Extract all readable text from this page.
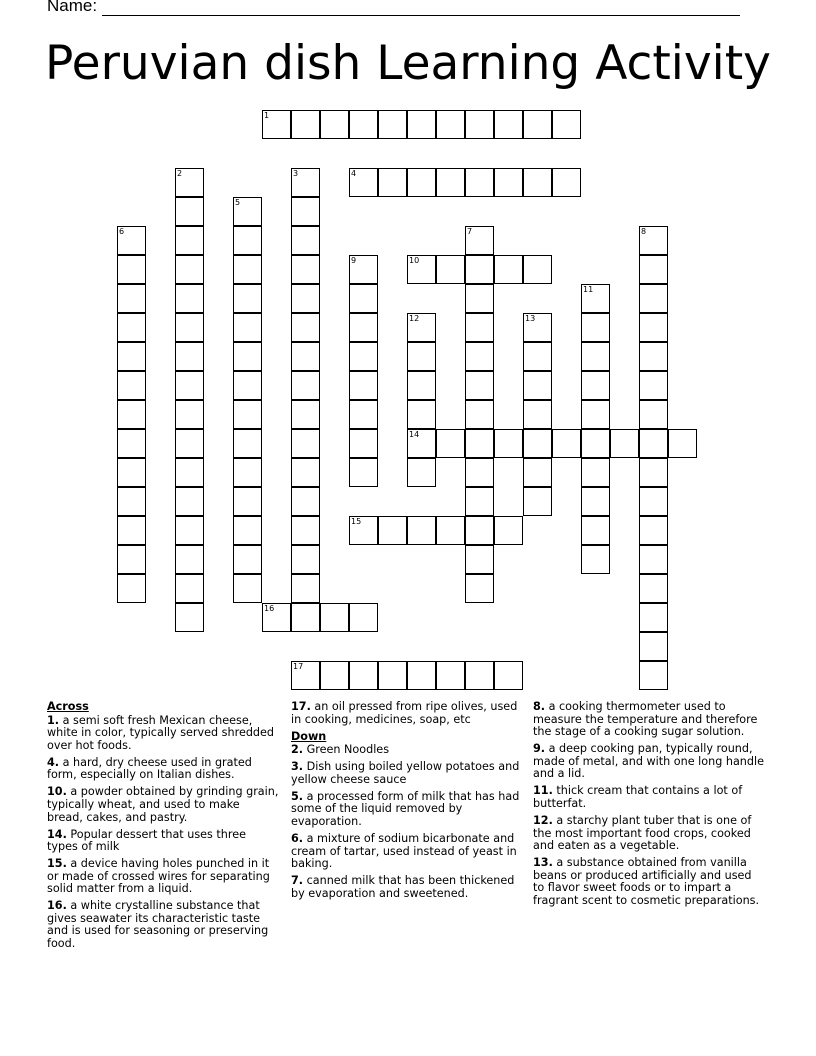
Name:
Peruvian dish Learning Activity
1
2	3	4
5
6	7	8
9	10
11
12
14
13
15
16
17
Across
1. a semi soft fresh Mexican cheese, white in color, typically served shredded over hot foods.
4. a hard, dry cheese used in grated form, especially on Italian dishes.
10. a powder obtained by grinding grain, typically wheat, and used to make bread, cakes, and pastry.
14. Popular dessert that uses three types of milk
15. a device having holes punched in it or made of crossed wires for separating solid matter from a liquid.
16. a white crystalline substance that gives seawater its characteristic taste and is used for seasoning or preserving food.
17. an oil pressed from ripe olives, used in cooking, medicines, soap, etc
Down
2. Green Noodles
3. Dish using boiled yellow potatoes and yellow cheese sauce
5. a processed form of milk that has had some of the liquid removed by evaporation.
6. a mixture of sodium bicarbonate and cream of tartar, used instead of yeast in baking.
7. canned milk that has been thickened by evaporation and sweetened.
8. a cooking thermometer used to measure the temperature and therefore the stage of a cooking sugar solution.
9. a deep cooking pan, typically round, made of metal, and with one long handle and a lid.
11. thick cream that contains a lot of butterfat.
12. a starchy plant tuber that is one of the most important food crops, cooked and eaten as a vegetable.
13. a substance obtained from vanilla beans or produced artificially and used to flavor sweet foods or to impart a fragrant scent to cosmetic preparations.
